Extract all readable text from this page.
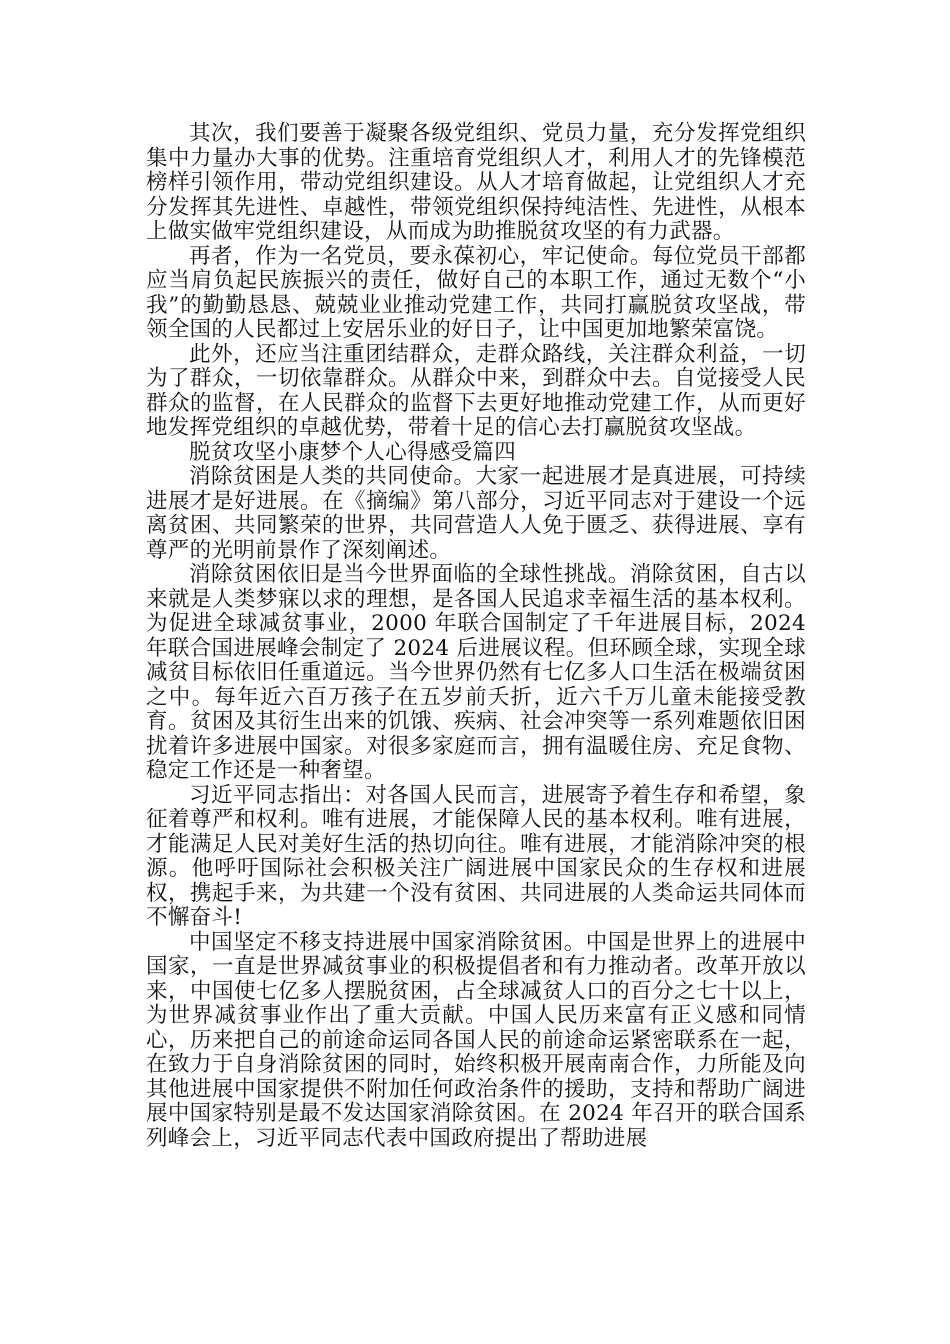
其次，我们要善于凝聚各级党组织、党员力量，充分发挥党组织集中力量办大事的优势。注重培育党组织人才，利用人才的先锋模范榜样引领作用，带动党组织建设。从人才培育做起，让党组织人才充分发挥其先进性、卓越性，带领党组织保持纯洁性、先进性，从根本上做实做牢党组织建设，从而成为助推脱贫攻坚的有力武器。

再者，作为一名党员，要永葆初心，牢记使命。每位党员干部都应当肩负起民族振兴的责任，做好自己的本职工作，通过无数个“小我”的勤勤恳恳、兢兢业业推动党建工作，共同打赢脱贫攻坚战，带领全国的人民都过上安居乐业的好日子，让中国更加地繁荣富饶。

此外，还应当注重团结群众，走群众路线，关注群众利益，一切为了群众，一切依靠群众。从群众中来，到群众中去。自觉接受人民群众的监督，在人民群众的监督下去更好地推动党建工作，从而更好地发挥党组织的卓越优势，带着十足的信心去打赢脱贫攻坚战。

脱贫攻坚小康梦个人心得感受篇四

消除贫困是人类的共同使命。大家一起进展才是真进展，可持续进展才是好进展。在《摘编》第八部分，习近平同志对于建设一个远离贫困、共同繁荣的世界，共同营造人人免于匮乏、获得进展、享有尊严的光明前景作了深刻阐述。

消除贫困依旧是当今世界面临的全球性挑战。消除贫困，自古以来就是人类梦寐以求的理想，是各国人民追求幸福生活的基本权利。为促进全球减贫事业，2000 年联合国制定了千年进展目标，2024 年联合国进展峰会制定了 2024 后进展议程。但环顾全球，实现全球减贫目标依旧任重道远。当今世界仍然有七亿多人口生活在极端贫困之中。每年近六百万孩子在五岁前夭折，近六千万儿童未能接受教育。贫困及其衍生出来的饥饿、疾病、社会冲突等一系列难题依旧困扰着许多进展中国家。对很多家庭而言，拥有温暖住房、充足食物、稳定工作还是一种奢望。

习近平同志指出：对各国人民而言，进展寄予着生存和希望，象征着尊严和权利。唯有进展，才能保障人民的基本权利。唯有进展，才能满足人民对美好生活的热切向往。唯有进展，才能消除冲突的根源。他呼吁国际社会积极关注广阔进展中国家民众的生存权和进展权，携起手来，为共建一个没有贫困、共同进展的人类命运共同体而不懈奋斗!

中国坚定不移支持进展中国家消除贫困。中国是世界上的进展中国家，一直是世界减贫事业的积极提倡者和有力推动者。改革开放以来，中国使七亿多人摆脱贫困，占全球减贫人口的百分之七十以上，为世界减贫事业作出了重大贡献。中国人民历来富有正义感和同情心，历来把自己的前途命运同各国人民的前途命运紧密联系在一起，在致力于自身消除贫困的同时，始终积极开展南南合作，力所能及向其他进展中国家提供不附加任何政治条件的援助，支持和帮助广阔进展中国家特别是最不发达国家消除贫困。在 2024 年召开的联合国系列峰会上，习近平同志代表中国政府提出了帮助进展
